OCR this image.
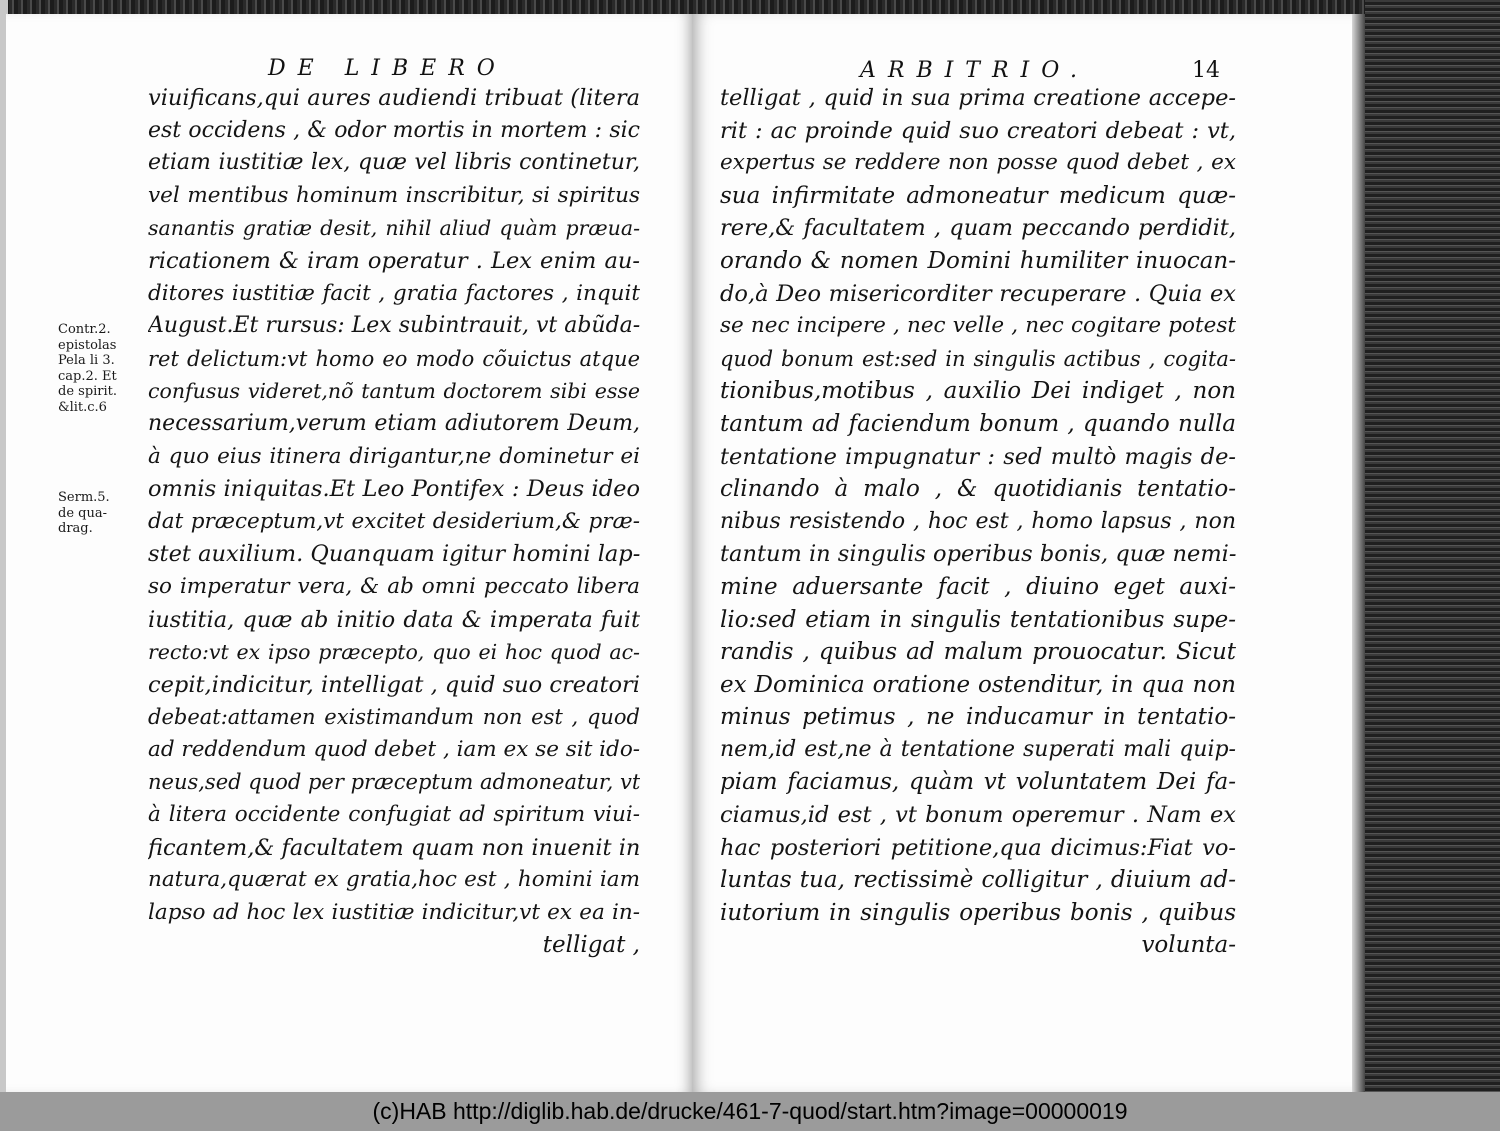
DE LIBERO	ARBITRIO.	14
Contr.2.
epistolas
Pela li 3.
cap.2. Et
de spirit.
&lit.c.6
Serm.5.
de qua-
drag.
viuificans,qui aures audiendi tribuat (litera
est occidens , & odor mortis in mortem : sic
etiam iustitiæ lex, quæ vel libris continetur,
vel mentibus hominum inscribitur, si spiritus
sanantis gratiæ desit, nihil aliud quàm præua-
ricationem & iram operatur . Lex enim au-
ditores iustitiæ facit , gratia factores , inquit
August.Et rursus: Lex subintrauit, vt abũda-
ret delictum:vt homo eo modo cõuictus atque
confusus videret,nõ tantum doctorem sibi esse
necessarium,verum etiam adiutorem Deum,
à quo eius itinera dirigantur,ne dominetur ei
omnis iniquitas.Et Leo Pontifex : Deus ideo
dat præceptum,vt excitet desiderium,& præ-
stet auxilium. Quanquam igitur homini lap-
so imperatur vera, & ab omni peccato libera
iustitia, quæ ab initio data & imperata fuit
recto:vt ex ipso præcepto, quo ei hoc quod ac-
cepit,indicitur, intelligat , quid suo creatori
debeat:attamen existimandum non est , quod
ad reddendum quod debet , iam ex se sit ido-
neus,sed quod per præceptum admoneatur, vt
à litera occidente confugiat ad spiritum viui-
ficantem,& facultatem quam non inuenit in
natura,quærat ex gratia,hoc est , homini iam
lapso ad hoc lex iustitiæ indicitur,vt ex ea in-
telligat ,
telligat , quid in sua prima creatione accepe-
rit : ac proinde quid suo creatori debeat : vt,
expertus se reddere non posse quod debet , ex
sua infirmitate admoneatur medicum quæ-
rere,& facultatem , quam peccando perdidit,
orando & nomen Domini humiliter inuocan-
do,à Deo misericorditer recuperare . Quia ex
se nec incipere , nec velle , nec cogitare potest
quod bonum est:sed in singulis actibus , cogita-
tionibus,motibus , auxilio Dei indiget , non
tantum ad faciendum bonum , quando nulla
tentatione impugnatur : sed multò magis de-
clinando à malo , & quotidianis tentatio-
nibus resistendo , hoc est , homo lapsus , non
tantum in singulis operibus bonis, quæ nemi-
mine aduersante facit , diuino eget auxi-
lio:sed etiam in singulis tentationibus supe-
randis , quibus ad malum prouocatur. Sicut
ex Dominica oratione ostenditur, in qua non
minus petimus , ne inducamur in tentatio-
nem,id est,ne à tentatione superati mali quip-
piam faciamus, quàm vt voluntatem Dei fa-
ciamus,id est , vt bonum operemur . Nam ex
hac posteriori petitione,qua dicimus:Fiat vo-
luntas tua, rectissimè colligitur , diuium ad-
iutorium in singulis operibus bonis , quibus
volunta-
(c)HAB http://diglib.hab.de/drucke/461-7-quod/start.htm?image=00000019
